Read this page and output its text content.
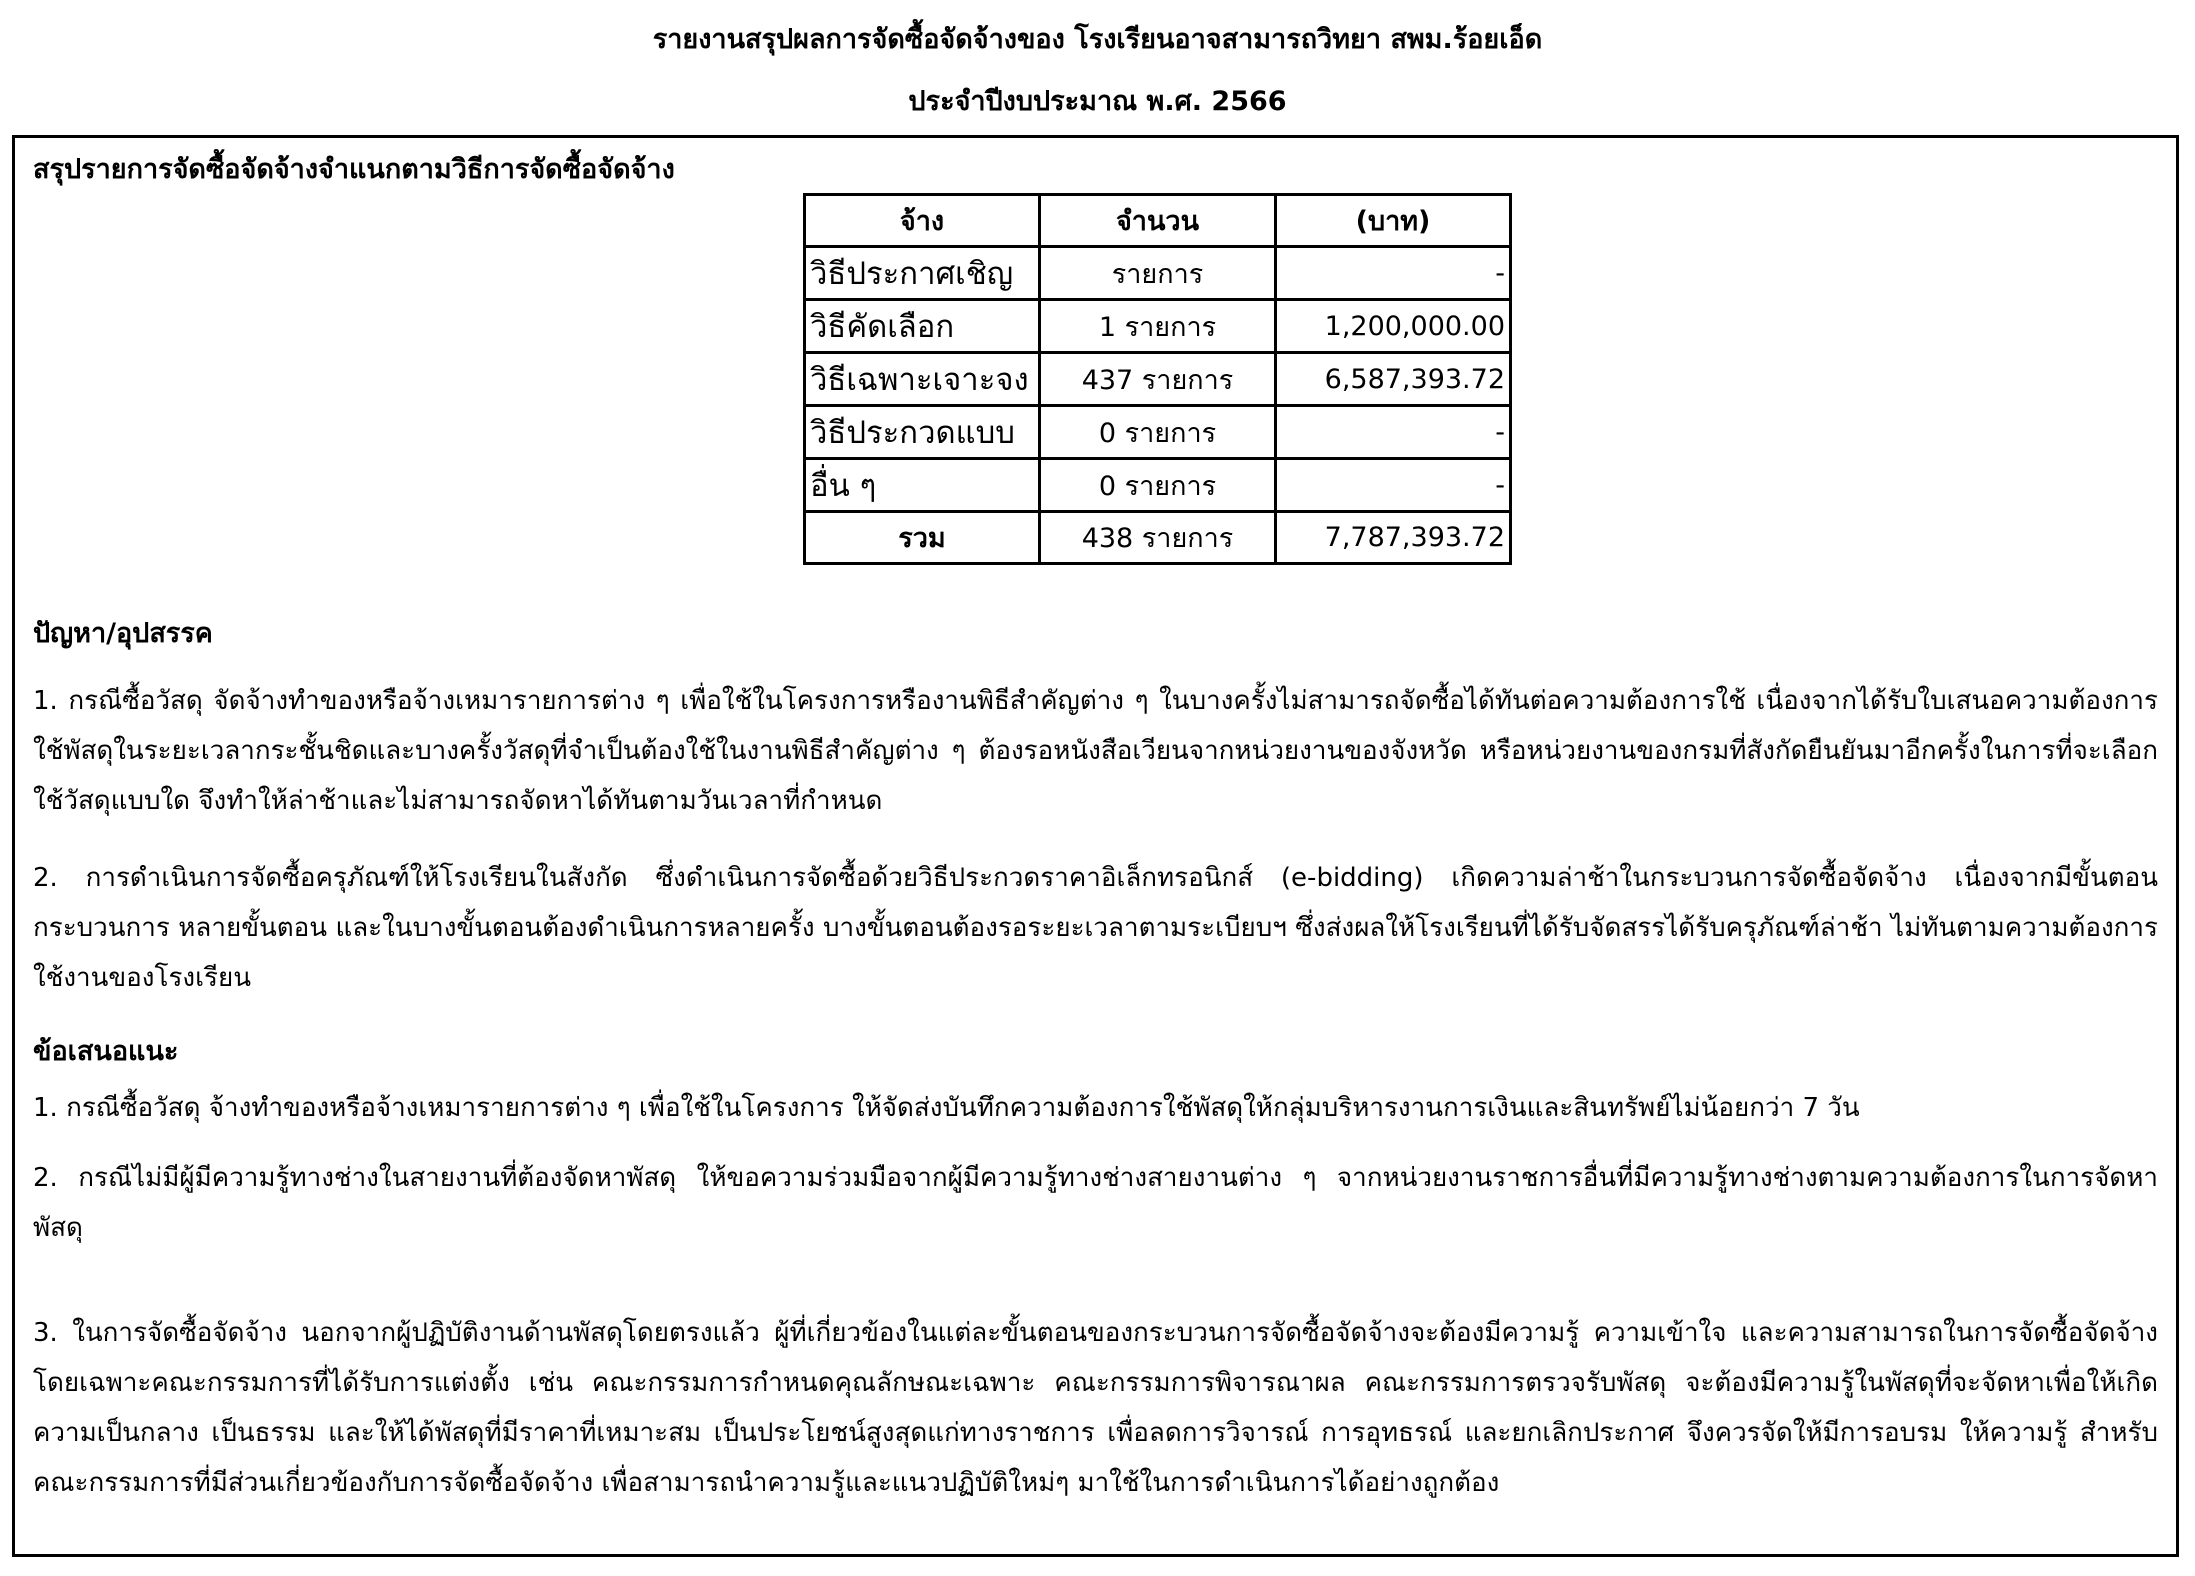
รายงานสรุปผลการจัดซื้อจัดจ้างของ โรงเรียนอาจสามารถวิทยา สพม.ร้อยเอ็ด
ประจำปีงบประมาณ พ.ศ. 2566
สรุปรายการจัดซื้อจัดจ้างจำแนกตามวิธีการจัดซื้อจัดจ้าง
จ้าง	จำนวน	(บาท)
วิธีประกาศเชิญ	รายการ	-
วิธีคัดเลือก	1 รายการ	1,200,000.00
วิธีเฉพาะเจาะจง	437 รายการ	6,587,393.72
วิธีประกวดแบบ	0 รายการ	-
อื่น ๆ	0 รายการ	-
รวม	438 รายการ	7,787,393.72
ปัญหา/อุปสรรค
1. กรณีซื้อวัสดุ จัดจ้างทำของหรือจ้างเหมารายการต่าง ๆ เพื่อใช้ในโครงการหรืองานพิธีสำคัญต่าง ๆ ในบางครั้งไม่สามารถจัดซื้อได้ทันต่อความต้องการใช้ เนื่องจากได้รับใบเสนอความต้องการใช้พัสดุในระยะเวลากระชั้นชิดและบางครั้งวัสดุที่จำเป็นต้องใช้ในงานพิธีสำคัญต่าง ๆ ต้องรอหนังสือเวียนจากหน่วยงานของจังหวัด หรือหน่วยงานของกรมที่สังกัดยืนยันมาอีกครั้งในการที่จะเลือกใช้วัสดุแบบใด จึงทำให้ล่าช้าและไม่สามารถจัดหาได้ทันตามวันเวลาที่กำหนด
2. การดำเนินการจัดซื้อครุภัณฑ์ให้โรงเรียนในสังกัด ซึ่งดำเนินการจัดซื้อด้วยวิธีประกวดราคาอิเล็กทรอนิกส์ (e-bidding) เกิดความล่าช้าในกระบวนการจัดซื้อจัดจ้าง เนื่องจากมีขั้นตอนกระบวนการ หลายขั้นตอน และในบางขั้นตอนต้องดำเนินการหลายครั้ง บางขั้นตอนต้องรอระยะเวลาตามระเบียบฯ ซึ่งส่งผลให้โรงเรียนที่ได้รับจัดสรรได้รับครุภัณฑ์ล่าช้า ไม่ทันตามความต้องการใช้งานของโรงเรียน
ข้อเสนอแนะ
1. กรณีซื้อวัสดุ จ้างทำของหรือจ้างเหมารายการต่าง ๆ เพื่อใช้ในโครงการ ให้จัดส่งบันทึกความต้องการใช้พัสดุให้กลุ่มบริหารงานการเงินและสินทรัพย์ไม่น้อยกว่า 7 วัน
2. กรณีไม่มีผู้มีความรู้ทางช่างในสายงานที่ต้องจัดหาพัสดุ ให้ขอความร่วมมือจากผู้มีความรู้ทางช่างสายงานต่าง ๆ จากหน่วยงานราชการอื่นที่มีความรู้ทางช่างตามความต้องการในการจัดหาพัสดุ
3. ในการจัดซื้อจัดจ้าง นอกจากผู้ปฏิบัติงานด้านพัสดุโดยตรงแล้ว ผู้ที่เกี่ยวข้องในแต่ละขั้นตอนของกระบวนการจัดซื้อจัดจ้างจะต้องมีความรู้ ความเข้าใจ และความสามารถในการจัดซื้อจัดจ้าง โดยเฉพาะคณะกรรมการที่ได้รับการแต่งตั้ง เช่น คณะกรรมการกำหนดคุณลักษณะเฉพาะ คณะกรรมการพิจารณาผล คณะกรรมการตรวจรับพัสดุ จะต้องมีความรู้ในพัสดุที่จะจัดหาเพื่อให้เกิดความเป็นกลาง เป็นธรรม และให้ได้พัสดุที่มีราคาที่เหมาะสม เป็นประโยชน์สูงสุดแก่ทางราชการ เพื่อลดการวิจารณ์ การอุทธรณ์ และยกเลิกประกาศ จึงควรจัดให้มีการอบรม ให้ความรู้ สำหรับคณะกรรมการที่มีส่วนเกี่ยวข้องกับการจัดซื้อจัดจ้าง เพื่อสามารถนำความรู้และแนวปฏิบัติใหม่ๆ มาใช้ในการดำเนินการได้อย่างถูกต้อง
